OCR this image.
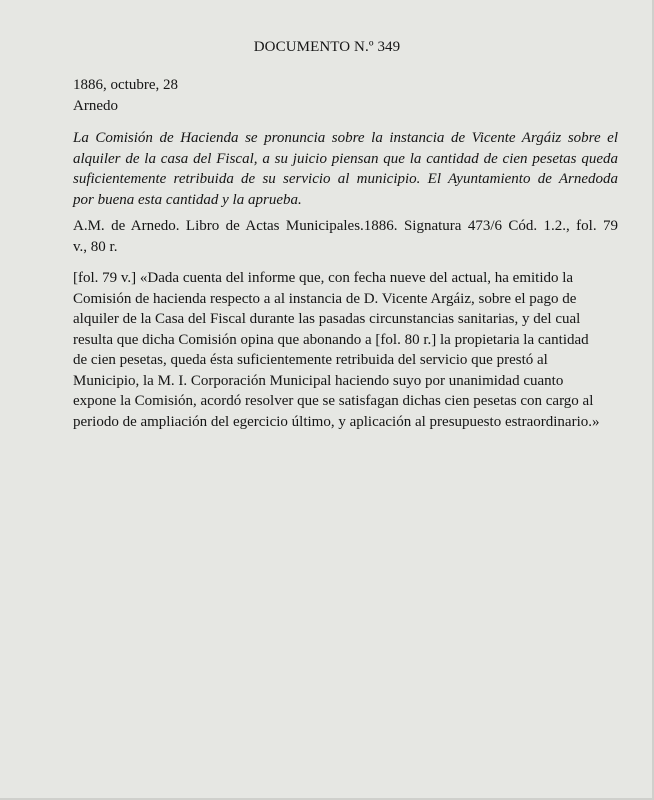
DOCUMENTO N.º 349
1886, octubre, 28
Arnedo
La Comisión de Hacienda se pronuncia sobre la instancia de Vicente Argáiz sobre el
alquiler de la casa del Fiscal, a su juicio piensan que la cantidad de cien pesetas queda
suficientemente retribuida de su servicio al municipio. El Ayuntamiento de Arnedoda
por buena esta cantidad y la aprueba.
A.M. de Arnedo. Libro de Actas Municipales.1886. Signatura 473/6 Cód. 1.2., fol. 79
v., 80 r.
[fol. 79 v.] «Dada cuenta del informe que, con fecha nueve del actual, ha emitido la
Comisión de hacienda respecto a al instancia de D. Vicente Argáiz, sobre el pago de
alquiler de la Casa del Fiscal durante las pasadas circunstancias sanitarias, y del cual
resulta que dicha Comisión opina que abonando a [fol. 80 r.] la propietaria la cantidad
de cien pesetas, queda ésta suficientemente retribuida del servicio que prestó al
Municipio, la M. I. Corporación Municipal haciendo suyo por unanimidad cuanto
expone la Comisión, acordó resolver que se satisfagan dichas cien pesetas con cargo al
periodo de ampliación del egercicio último, y aplicación al presupuesto estraordinario.»
